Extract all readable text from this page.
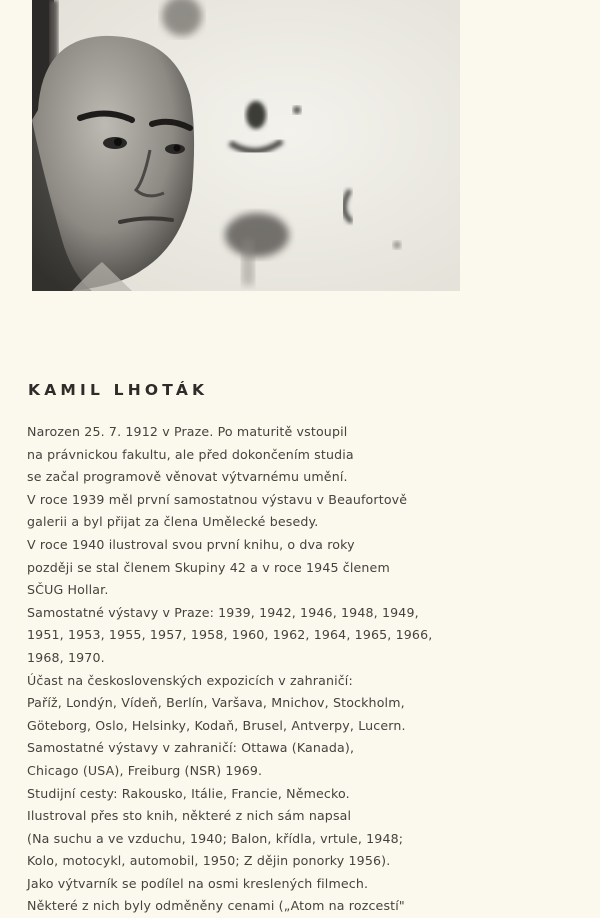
KAMIL LHOTÁK

Narozen 25. 7. 1912 v Praze. Po maturitě vstoupil
na právnickou fakultu, ale před dokončením studia
se začal programově věnovat výtvarnému umění.
V roce 1939 měl první samostatnou výstavu v Beaufortově
galerii a byl přijat za člena Umělecké besedy.
V roce 1940 ilustroval svou první knihu, o dva roky
později se stal členem Skupiny 42 a v roce 1945 členem
SČUG Hollar.
Samostatné výstavy v Praze: 1939, 1942, 1946, 1948, 1949,
1951, 1953, 1955, 1957, 1958, 1960, 1962, 1964, 1965, 1966,
1968, 1970.
Účast na československých expozicích v zahraničí:
Paříž, Londýn, Vídeň, Berlín, Varšava, Mnichov, Stockholm,
Göteborg, Oslo, Helsinky, Kodaň, Brusel, Antverpy, Lucern.
Samostatné výstavy v zahraničí: Ottawa (Kanada),
Chicago (USA), Freiburg (NSR) 1969.
Studijní cesty: Rakousko, Itálie, Francie, Německo.
Ilustroval přes sto knih, některé z nich sám napsal
(Na suchu a ve vzduchu, 1940; Balon, křídla, vrtule, 1948;
Kolo, motocykl, automobil, 1950; Z dějin ponorky 1956).
Jako výtvarník se podílel na osmi kreslených filmech.
Některé z nich byly odměněny cenami („Atom na rozcestí"
